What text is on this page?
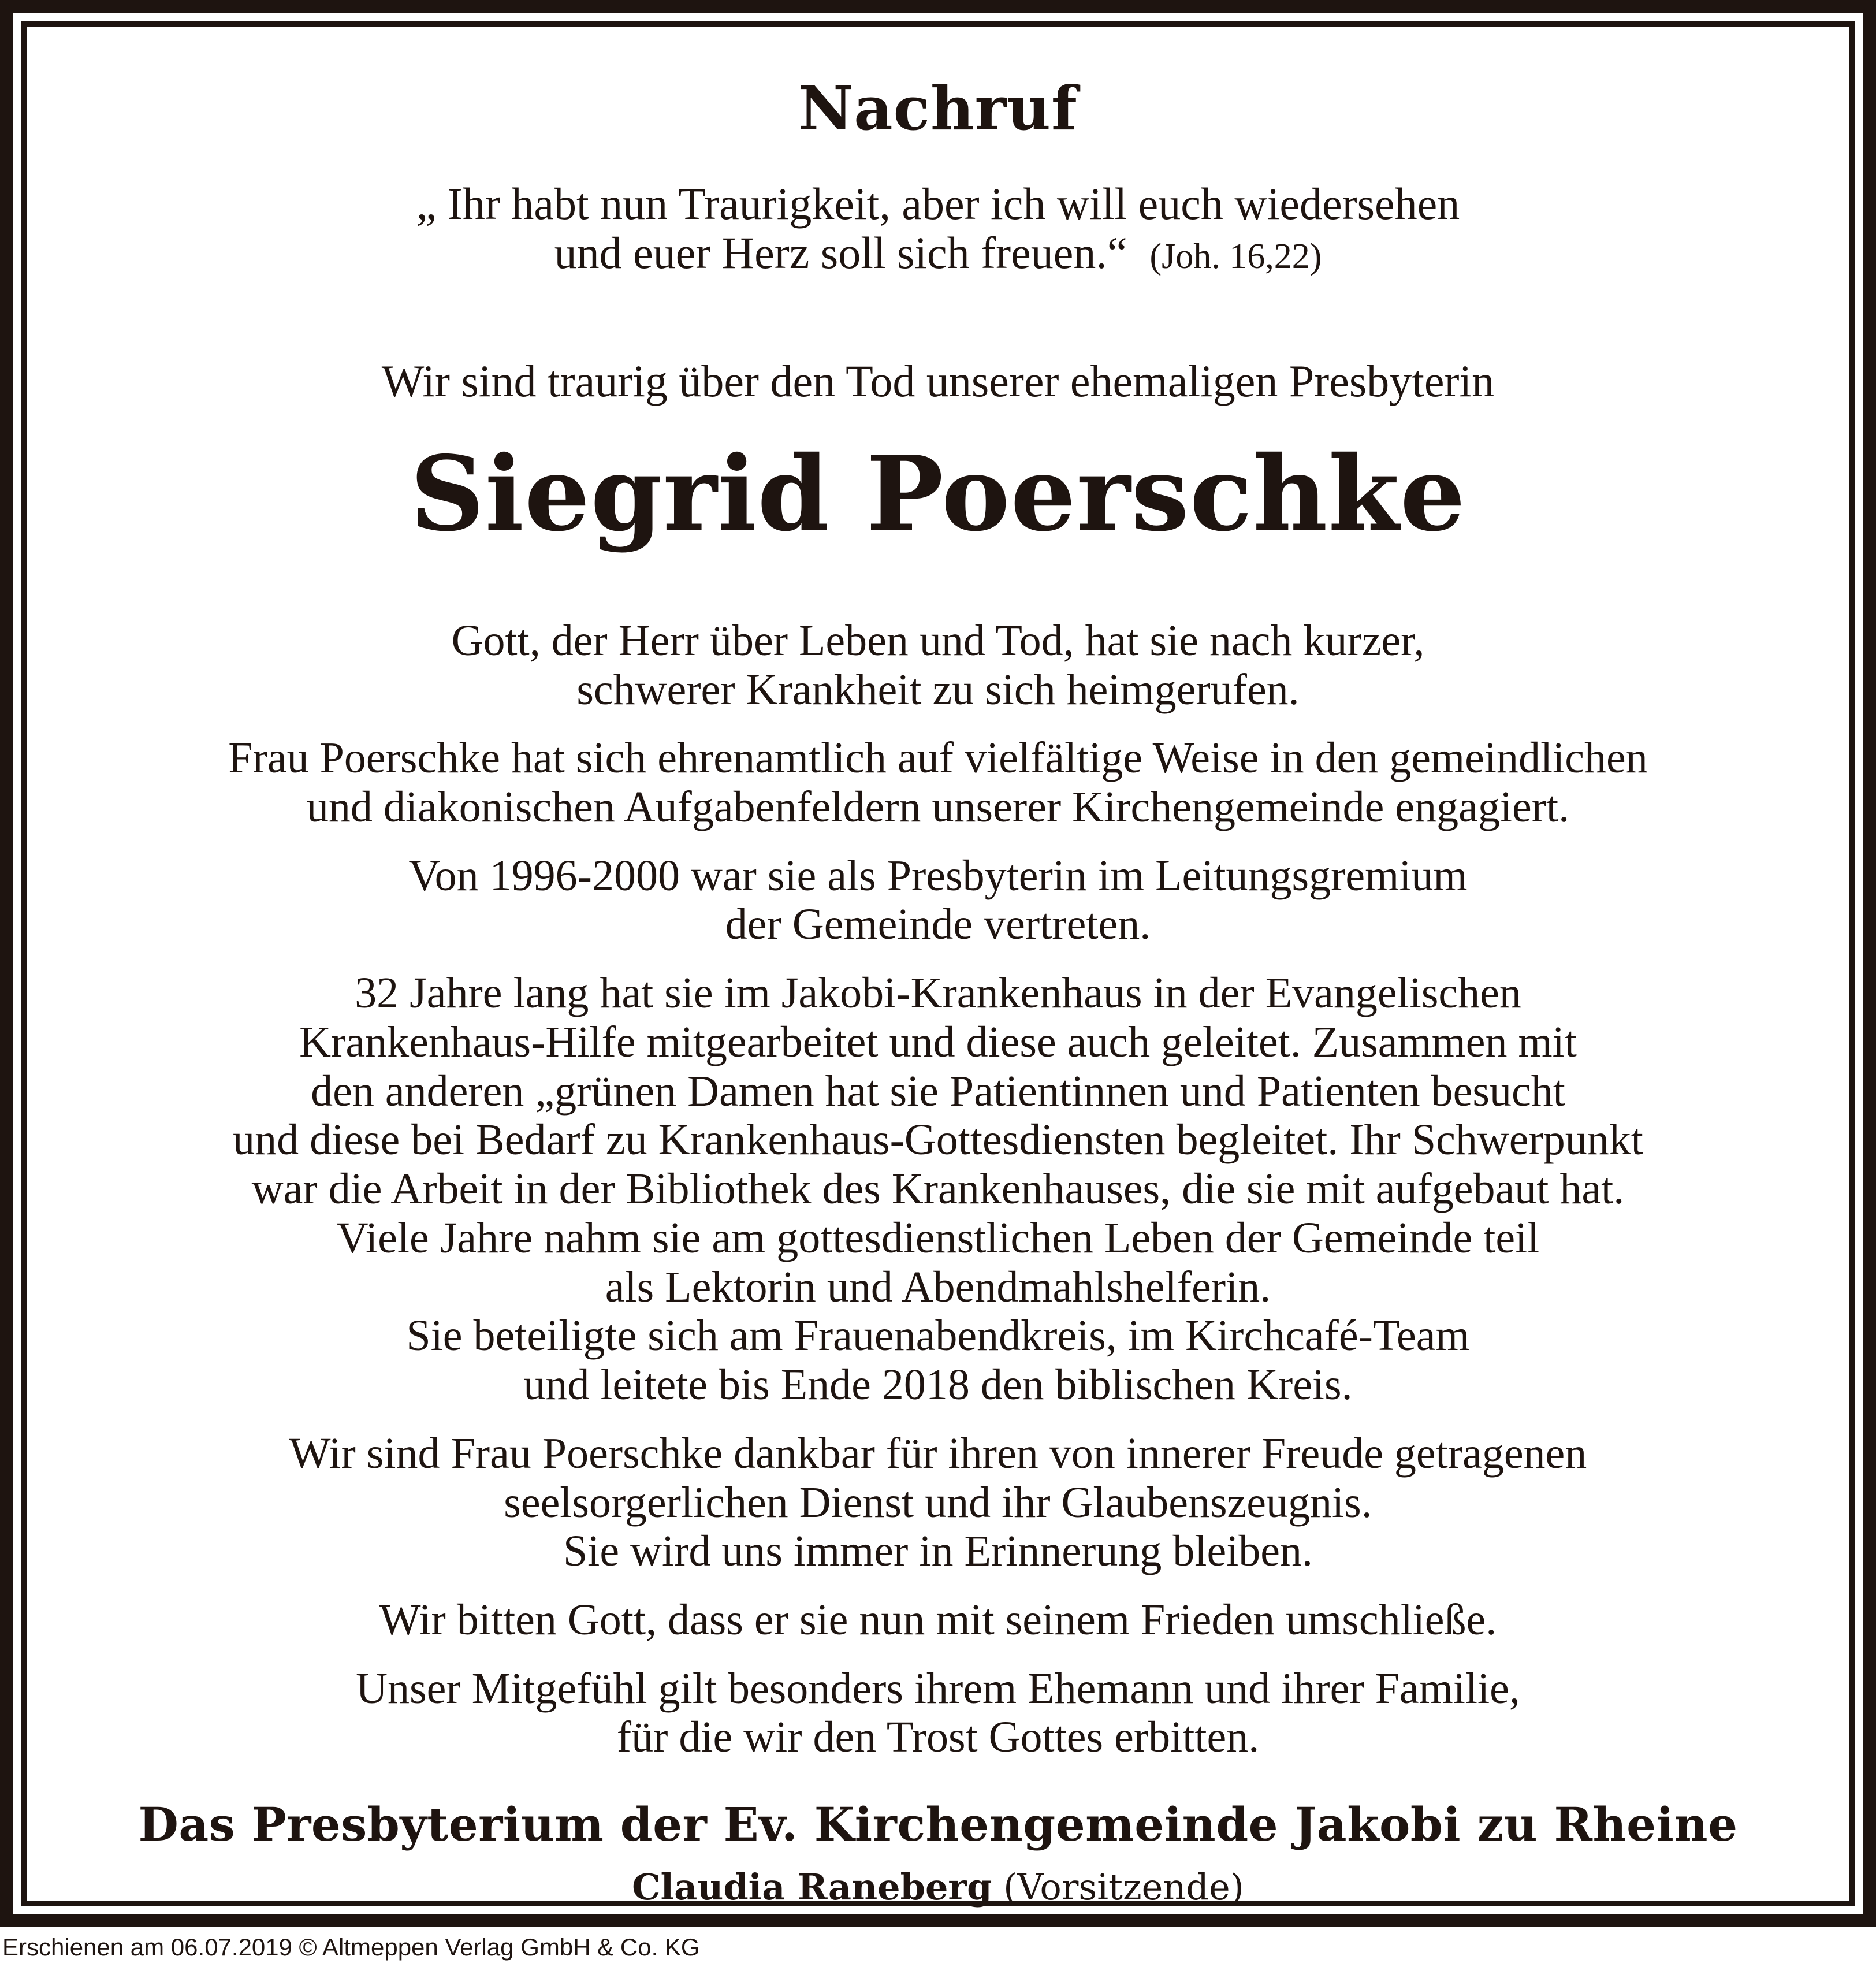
Nachruf
„ Ihr habt nun Traurigkeit, aber ich will euch wiedersehen
und euer Herz soll sich freuen.“ (Joh. 16,22)
Wir sind traurig über den Tod unserer ehemaligen Presbyterin
Siegrid Poerschke
Gott, der Herr über Leben und Tod, hat sie nach kurzer,
schwerer Krankheit zu sich heimgerufen.
Frau Poerschke hat sich ehrenamtlich auf vielfältige Weise in den gemeindlichen
und diakonischen Aufgabenfeldern unserer Kirchengemeinde engagiert.
Von 1996-2000 war sie als Presbyterin im Leitungsgremium
der Gemeinde vertreten.
32 Jahre lang hat sie im Jakobi-Krankenhaus in der Evangelischen
Krankenhaus-Hilfe mitgearbeitet und diese auch geleitet. Zusammen mit
den anderen „grünen Damen hat sie Patientinnen und Patienten besucht
und diese bei Bedarf zu Krankenhaus-Gottesdiensten begleitet. Ihr Schwerpunkt
war die Arbeit in der Bibliothek des Krankenhauses, die sie mit aufgebaut hat.
Viele Jahre nahm sie am gottesdienstlichen Leben der Gemeinde teil
als Lektorin und Abendmahlshelferin.
Sie beteiligte sich am Frauenabendkreis, im Kirchcafé-Team
und leitete bis Ende 2018 den biblischen Kreis.
Wir sind Frau Poerschke dankbar für ihren von innerer Freude getragenen
seelsorgerlichen Dienst und ihr Glaubenszeugnis.
Sie wird uns immer in Erinnerung bleiben.
Wir bitten Gott, dass er sie nun mit seinem Frieden umschließe.
Unser Mitgefühl gilt besonders ihrem Ehemann und ihrer Familie,
für die wir den Trost Gottes erbitten.
Das Presbyterium der Ev. Kirchengemeinde Jakobi zu Rheine
Claudia Raneberg (Vorsitzende)
Erschienen am 06.07.2019 © Altmeppen Verlag GmbH & Co. KG
